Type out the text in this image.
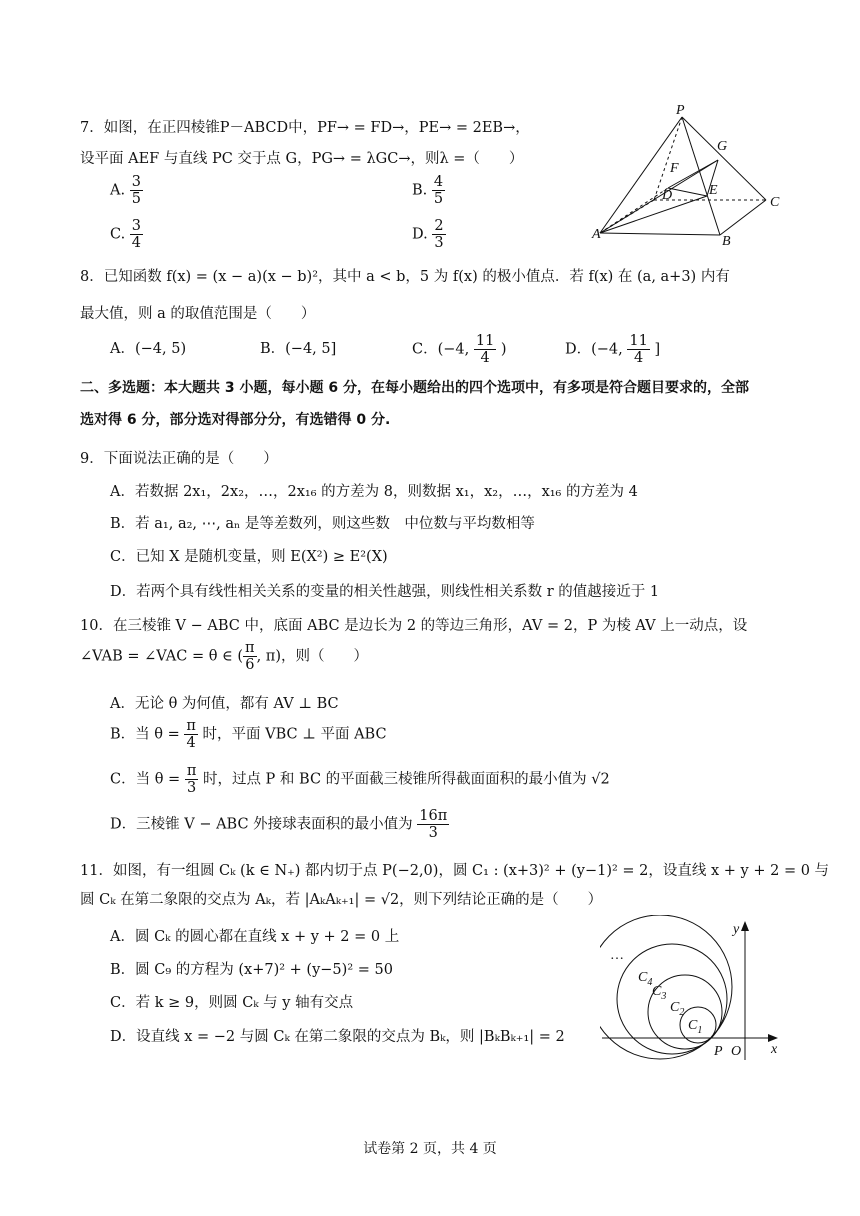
7．如图，在正四棱锥P－ABCD中，PF→ = FD→，PE→ = 2EB→，
设平面 AEF 与直线 PC 交于点 G，PG→ = λGC→，则λ =（　　）
A. $\frac{3}{5}$	B. $\frac{4}{5}$
C. $\frac{3}{4}$	D. $\frac{2}{3}$
P
A	B
C
D	E
F
G
8．已知函数 f(x) = (x − a)(x − b)²，其中 a < b，5 为 f(x) 的极小值点．若 f(x) 在 (a, a+3) 内有
最大值，则 a 的取值范围是（　　）
A．(−4, 5)	B．(−4, 5]	C．(−4, $\frac{11}{4}$ )	D．(−4, $\frac{11}{4}$ ]
二、多选题：本大题共 3 小题，每小题 6 分，在每小题给出的四个选项中，有多项是符合题目要求的，全部
选对得 6 分，部分选对得部分分，有选错得 0 分.
9．下面说法正确的是（　　）
A．若数据 2x₁，2x₂，…，2x₁₆ 的方差为 8，则数据 x₁，x₂，…，x₁₆ 的方差为 4
B．若 a₁, a₂, ⋯, aₙ 是等差数列，则这些数　中位数与平均数相等
C．已知 X 是随机变量，则 E(X²) ≥ E²(X)
D．若两个具有线性相关关系的变量的相关性越强，则线性相关系数 r 的值越接近于 1
10．在三棱锥 V − ABC 中，底面 ABC 是边长为 2 的等边三角形，AV = 2，P 为棱 AV 上一动点，设
∠VAB = ∠VAC = θ ∈ ( $\frac{\pi}{6}$ , π)，则（　　）
A．无论 θ 为何值，都有 AV ⊥ BC
B．当 $\theta = \frac{\pi}{4}$ 时，平面 VBC ⊥ 平面 ABC
C．当 $\theta = \frac{\pi}{3}$ 时，过点 P 和 BC 的平面截三棱锥所得截面面积的最小值为 √2
D．三棱锥 V − ABC 外接球表面积的最小值为 $\frac{16\pi}{3}$
11．如图，有一组圆 Cₖ (k ∈ N₊) 都内切于点 P(−2,0)，圆 C₁ : (x+3)² + (y−1)² = 2，设直线 x + y + 2 = 0 与
圆 Cₖ 在第二象限的交点为 Aₖ，若 |AₖAₖ₊₁| = √2，则下列结论正确的是（　　）
A．圆 Cₖ 的圆心都在直线 x + y + 2 = 0 上
B．圆 C₉ 的方程为 (x+7)² + (y−5)² = 50
C．若 k ≥ 9，则圆 Cₖ 与 y 轴有交点
D．设直线 x = −2 与圆 Cₖ 在第二象限的交点为 Bₖ，则 |BₖBₖ₊₁| = 2
y
x
O
P
$C_1$
$C_2$
$C_3$
$C_4$
…
试卷第 2 页，共 4 页
